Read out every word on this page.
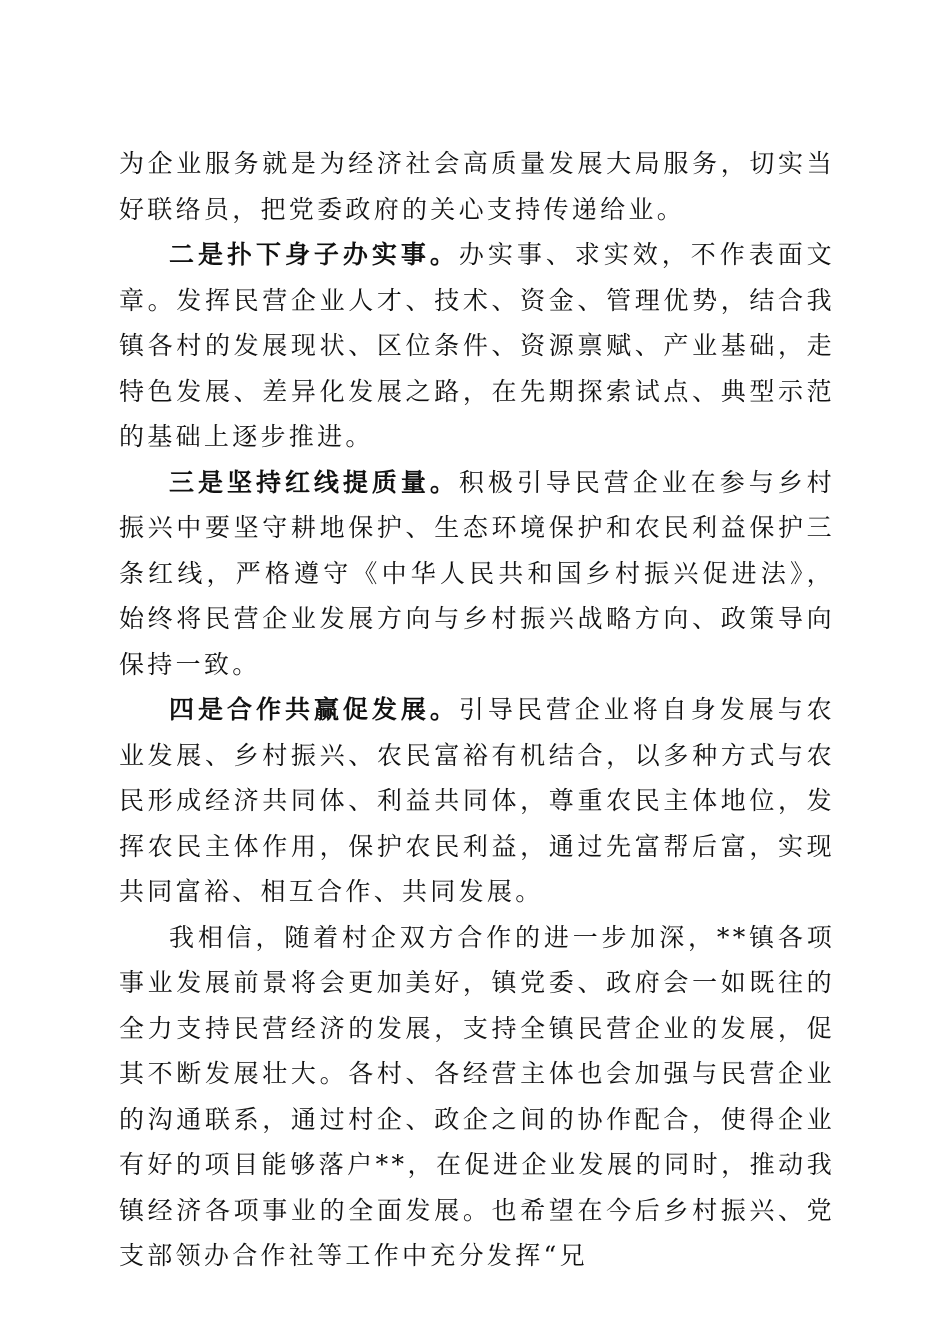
为企业服务就是为经济社会高质量发展大局服务，切实当好联络员，把党委政府的关心支持传递给业。

二是扑下身子办实事。办实事、求实效，不作表面文章。发挥民营企业人才、技术、资金、管理优势，结合我镇各村的发展现状、区位条件、资源禀赋、产业基础，走特色发展、差异化发展之路，在先期探索试点、典型示范的基础上逐步推进。

三是坚持红线提质量。积极引导民营企业在参与乡村振兴中要坚守耕地保护、生态环境保护和农民利益保护三条红线，严格遵守《中华人民共和国乡村振兴促进法》，始终将民营企业发展方向与乡村振兴战略方向、政策导向保持一致。

四是合作共赢促发展。引导民营企业将自身发展与农业发展、乡村振兴、农民富裕有机结合，以多种方式与农民形成经济共同体、利益共同体，尊重农民主体地位，发挥农民主体作用，保护农民利益，通过先富帮后富，实现共同富裕、相互合作、共同发展。

我相信，随着村企双方合作的进一步加深，**镇各项事业发展前景将会更加美好，镇党委、政府会一如既往的全力支持民营经济的发展，支持全镇民营企业的发展，促其不断发展壮大。各村、各经营主体也会加强与民营企业的沟通联系，通过村企、政企之间的协作配合，使得企业有好的项目能够落户**，在促进企业发展的同时，推动我镇经济各项事业的全面发展。也希望在今后乡村振兴、党支部领办合作社等工作中充分发挥“兄
